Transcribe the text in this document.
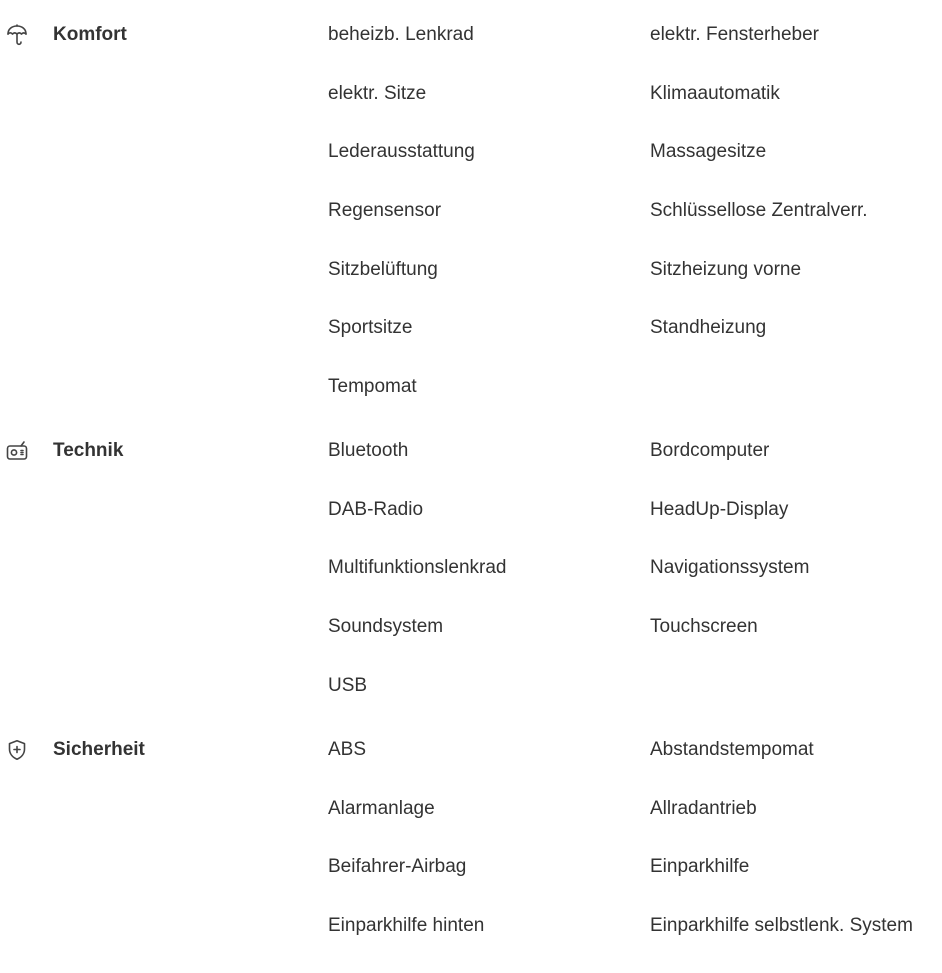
Komfort	beheizb. Lenkrad	elektr. Fensterheber
elektr. Sitze	Klimaautomatik
Lederausstattung	Massagesitze
Regensensor	Schlüssellose Zentralverr.
Sitzbelüftung	Sitzheizung vorne
Sportsitze	Standheizung
Tempomat
Technik	Bluetooth	Bordcomputer
DAB-Radio	HeadUp-Display
Multifunktionslenkrad	Navigationssystem
Soundsystem	Touchscreen
USB
Sicherheit	ABS	Abstandstempomat
Alarmanlage	Allradantrieb
Beifahrer-Airbag	Einparkhilfe
Einparkhilfe hinten	Einparkhilfe selbstlenk. System
